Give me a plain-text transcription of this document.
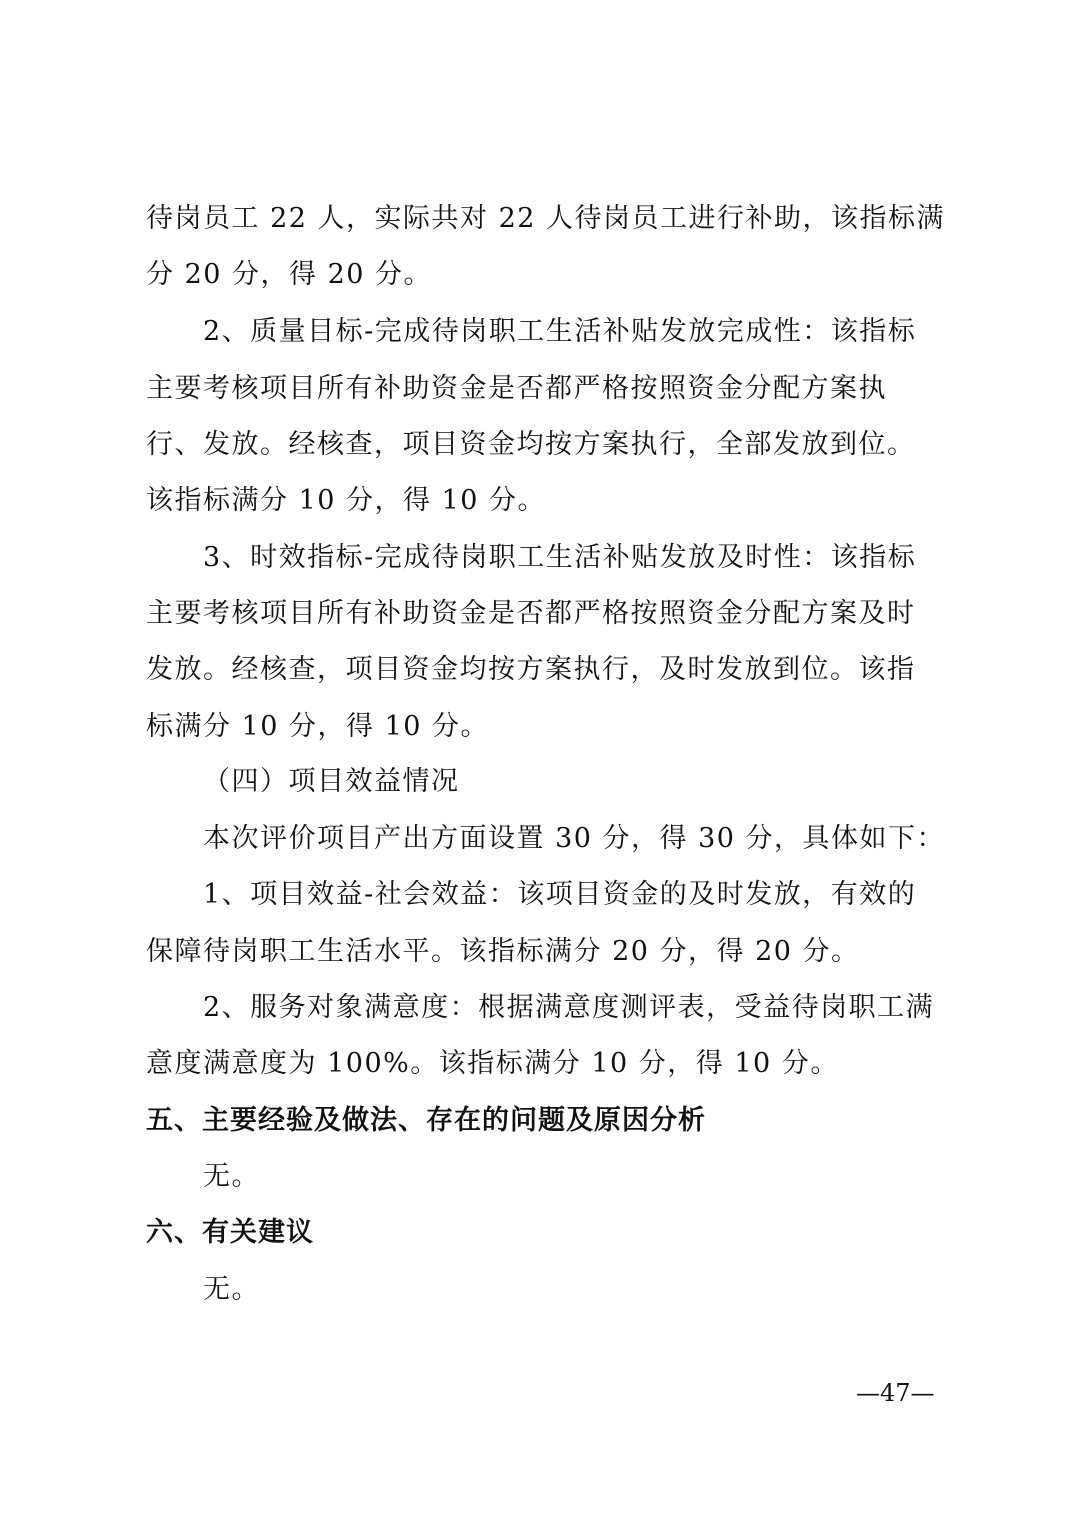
待岗员工 22 人，实际共对 22 人待岗员工进行补助，该指标满
分 20 分，得 20 分。
2、质量目标-完成待岗职工生活补贴发放完成性：该指标
主要考核项目所有补助资金是否都严格按照资金分配方案执
行、发放。经核查，项目资金均按方案执行，全部发放到位。
该指标满分 10 分，得 10 分。
3、时效指标-完成待岗职工生活补贴发放及时性：该指标
主要考核项目所有补助资金是否都严格按照资金分配方案及时
发放。经核查，项目资金均按方案执行，及时发放到位。该指
标满分 10 分，得 10 分。
（四）项目效益情况
本次评价项目产出方面设置 30 分，得 30 分，具体如下：
1、项目效益-社会效益：该项目资金的及时发放，有效的
保障待岗职工生活水平。该指标满分 20 分，得 20 分。
2、服务对象满意度：根据满意度测评表，受益待岗职工满
意度满意度为 100%。该指标满分 10 分，得 10 分。
五、主要经验及做法、存在的问题及原因分析
无。
六、有关建议
无。
—47—
